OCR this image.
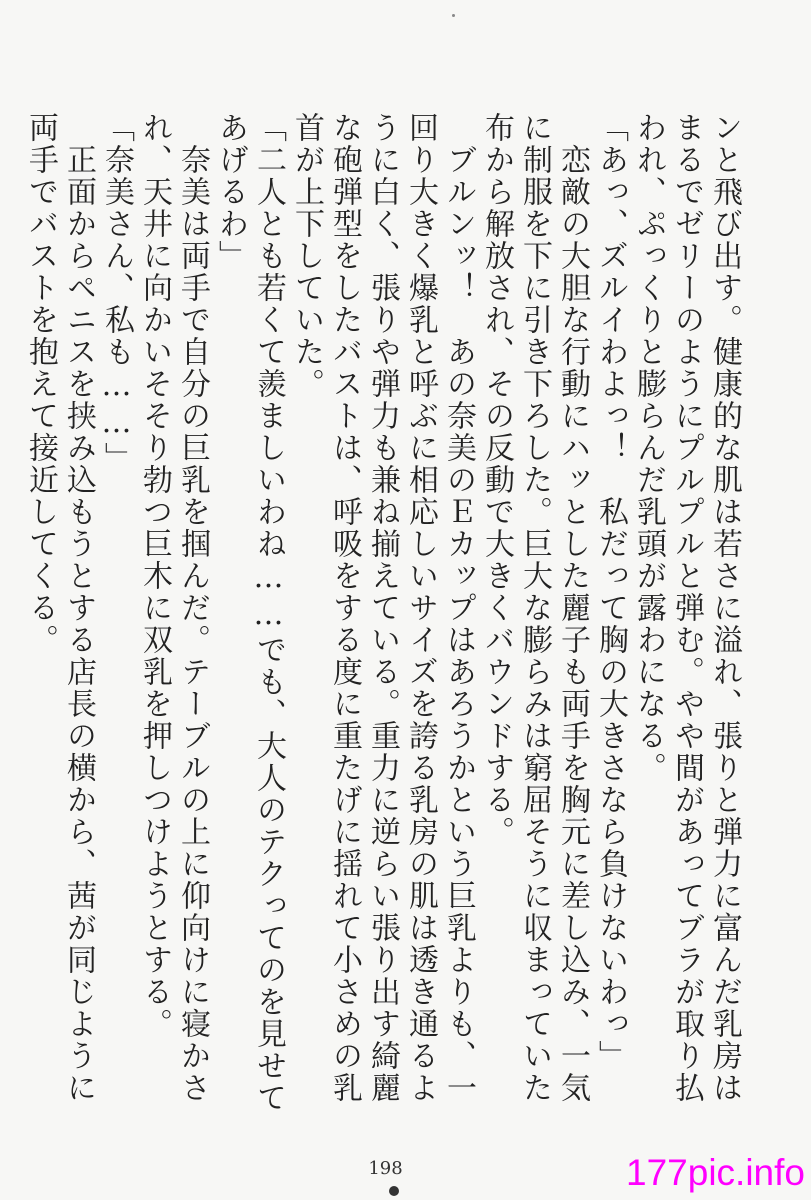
ンと飛び出す。健康的な肌は若さに溢れ、張りと弾力に富んだ乳房はまるでゼリーのようにプルプルと弾む。やや間があってブラが取り払われ、ぷっくりと膨らんだ乳頭が露わになる。

「あっ、ズルイわよっ！　私だって胸の大きさなら負けないわっ」

　恋敵の大胆な行動にハッとした麗子も両手を胸元に差し込み、一気に制服を下に引き下ろした。巨大な膨らみは窮屈そうに収まっていた布から解放され、その反動で大きくバウンドする。

　ブルンッ！　あの奈美のＥカップはあろうかという巨乳よりも、一回り大きく爆乳と呼ぶに相応しいサイズを誇る乳房の肌は透き通るように白く、張りや弾力も兼ね揃えている。重力に逆らい張り出す綺麗な砲弾型をしたバストは、呼吸をする度に重たげに揺れて小さめの乳首が上下していた。

「二人とも若くて羨ましいわね……でも、大人のテクってのを見せてあげるわ」

　奈美は両手で自分の巨乳を掴んだ。テーブルの上に仰向けに寝かされ、天井に向かいそそり勃つ巨木に双乳を押しつけようとする。

「奈美さん、私も……」

　正面からペニスを挟み込もうとする店長の横から、茜が同じように両手でバストを抱えて接近してくる。

198	177pic.info
